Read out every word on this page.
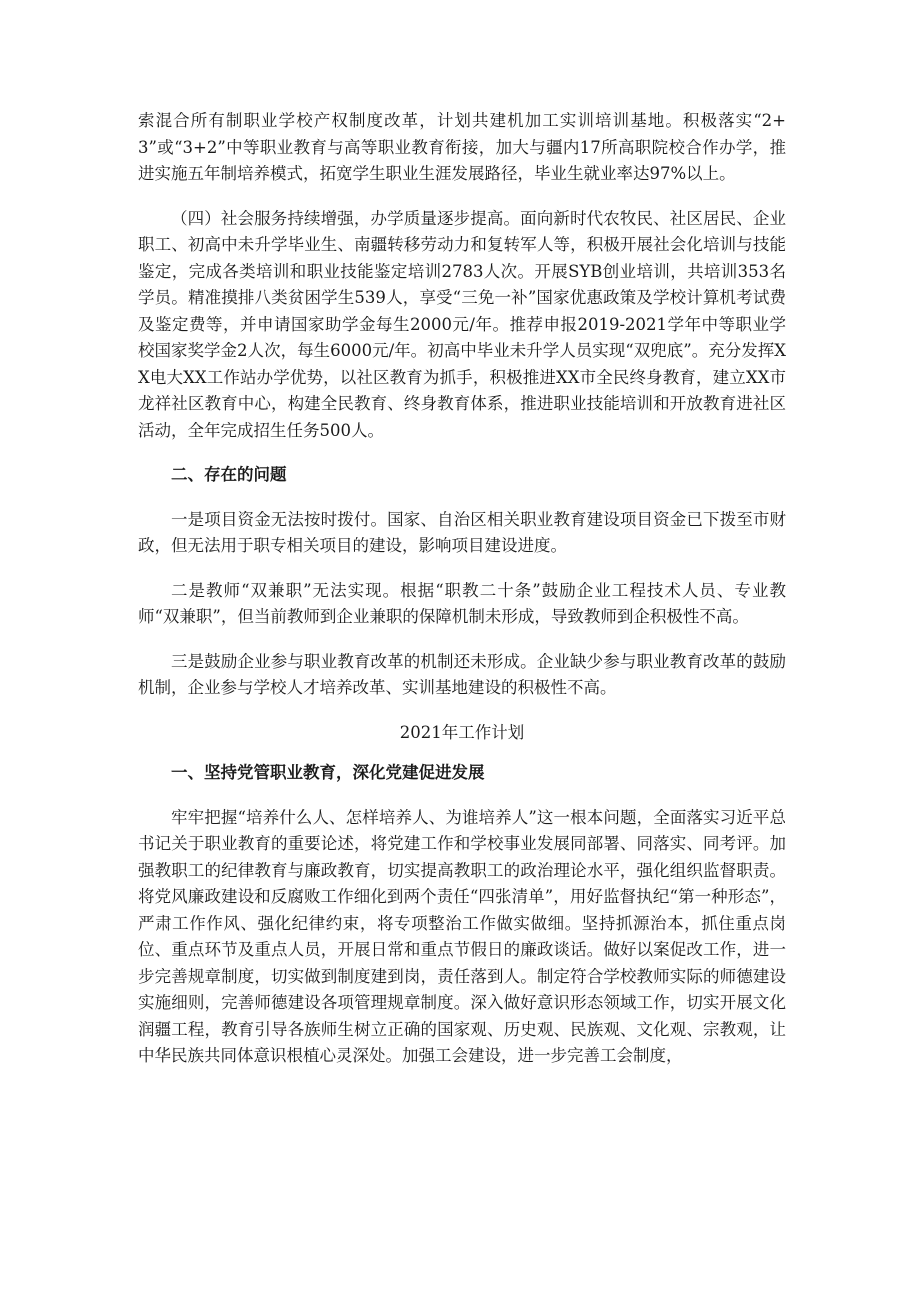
索混合所有制职业学校产权制度改革，计划共建机加工实训培训基地。积极落实“2+3”或“3+2”中等职业教育与高等职业教育衔接，加大与疆内17所高职院校合作办学，推进实施五年制培养模式，拓宽学生职业生涯发展路径，毕业生就业率达97%以上。

（四）社会服务持续增强，办学质量逐步提高。面向新时代农牧民、社区居民、企业职工、初高中未升学毕业生、南疆转移劳动力和复转军人等，积极开展社会化培训与技能鉴定，完成各类培训和职业技能鉴定培训2783人次。开展SYB创业培训，共培训353名学员。精准摸排八类贫困学生539人，享受“三免一补”国家优惠政策及学校计算机考试费及鉴定费等，并申请国家助学金每生2000元/年。推荐申报2019-2021学年中等职业学校国家奖学金2人次，每生6000元/年。初高中毕业未升学人员实现“双兜底”。充分发挥XX电大XX工作站办学优势，以社区教育为抓手，积极推进XX市全民终身教育，建立XX市龙祥社区教育中心，构建全民教育、终身教育体系，推进职业技能培训和开放教育进社区活动，全年完成招生任务500人。

二、存在的问题

一是项目资金无法按时拨付。国家、自治区相关职业教育建设项目资金已下拨至市财政，但无法用于职专相关项目的建设，影响项目建设进度。

二是教师“双兼职”无法实现。根据“职教二十条”鼓励企业工程技术人员、专业教师“双兼职”，但当前教师到企业兼职的保障机制未形成，导致教师到企积极性不高。

三是鼓励企业参与职业教育改革的机制还未形成。企业缺少参与职业教育改革的鼓励机制，企业参与学校人才培养改革、实训基地建设的积极性不高。

2021年工作计划

一、坚持党管职业教育，深化党建促进发展

牢牢把握“培养什么人、怎样培养人、为谁培养人”这一根本问题，全面落实习近平总书记关于职业教育的重要论述，将党建工作和学校事业发展同部署、同落实、同考评。加强教职工的纪律教育与廉政教育，切实提高教职工的政治理论水平，强化组织监督职责。将党风廉政建设和反腐败工作细化到两个责任“四张清单”，用好监督执纪“第一种形态”，严肃工作作风、强化纪律约束，将专项整治工作做实做细。坚持抓源治本，抓住重点岗位、重点环节及重点人员，开展日常和重点节假日的廉政谈话。做好以案促改工作，进一步完善规章制度，切实做到制度建到岗，责任落到人。制定符合学校教师实际的师德建设实施细则，完善师德建设各项管理规章制度。深入做好意识形态领域工作，切实开展文化润疆工程，教育引导各族师生树立正确的国家观、历史观、民族观、文化观、宗教观，让中华民族共同体意识根植心灵深处。加强工会建设，进一步完善工会制度，
